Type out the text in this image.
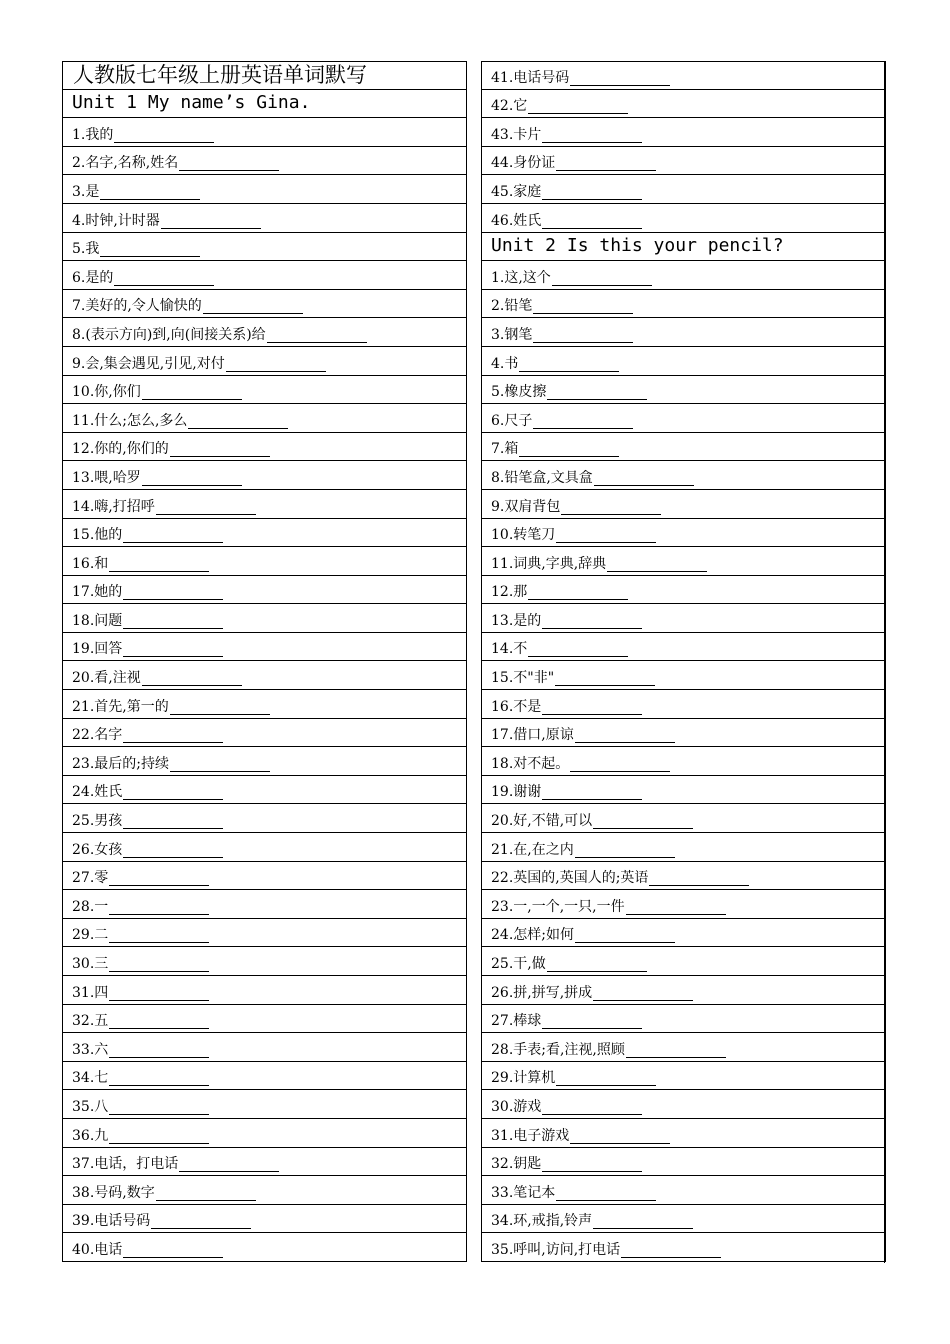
人教版七年级上册英语单词默写
Unit 1 My name’s Gina.
1.我的
2.名字,名称,姓名
3.是
4.时钟,计时器
5.我
6.是的
7.美好的,令人愉快的
8.(表示方向)到,向(间接关系)给
9.会,集会遇见,引见,对付
10.你,你们
11.什么;怎么,多么
12.你的,你们的
13.喂,哈罗
14.嗨,打招呼
15.他的
16.和
17.她的
18.问题
19.回答
20.看,注视
21.首先,第一的
22.名字
23.最后的;持续
24.姓氏
25.男孩
26.女孩
27.零
28.一
29.二
30.三
31.四
32.五
33.六
34.七
35.八
36.九
37.电话，打电话
38.号码,数字
39.电话号码
40.电话
41.电话号码
42.它
43.卡片
44.身份证
45.家庭
46.姓氏
Unit 2 Is this your pencil?
1.这,这个
2.铅笔
3.钢笔
4.书
5.橡皮擦
6.尺子
7.箱
8.铅笔盒,文具盒
9.双肩背包
10.转笔刀
11.词典,字典,辞典
12.那
13.是的
14.不
15.不"非"
16.不是
17.借口,原谅
18.对不起。
19.谢谢
20.好,不错,可以
21.在,在之内
22.英国的,英国人的;英语
23.一,一个,一只,一件
24.怎样;如何
25.干,做
26.拼,拼写,拼成
27.棒球
28.手表;看,注视,照顾
29.计算机
30.游戏
31.电子游戏
32.钥匙
33.笔记本
34.环,戒指,铃声
35.呼叫,访问,打电话
